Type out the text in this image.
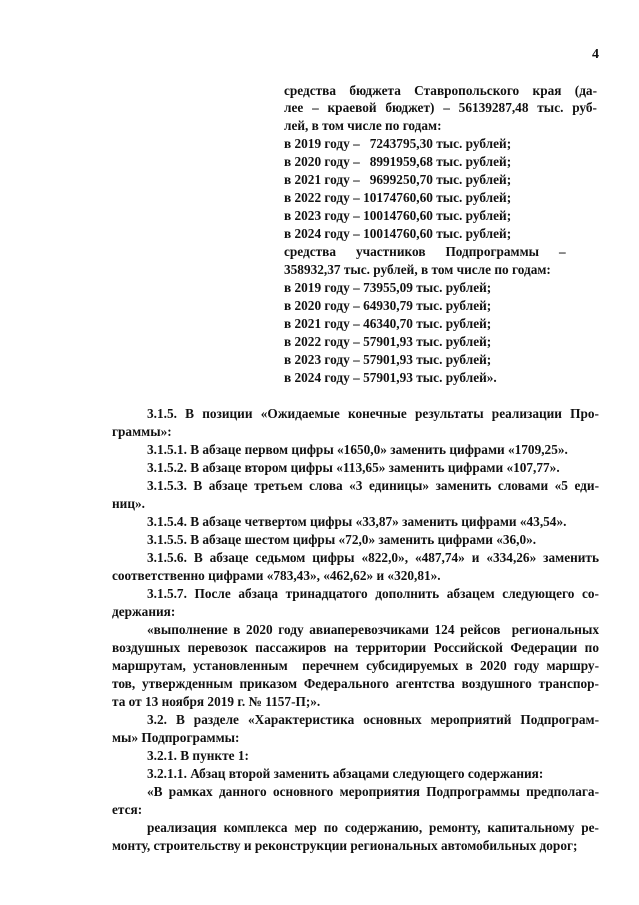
4
средства бюджета Ставропольского края (да-
лее – краевой бюджет) – 56139287,48 тыс. руб-
лей, в том числе по годам:
в 2019 году –   7243795,30 тыс. рублей;
в 2020 году –   8991959,68 тыс. рублей;
в 2021 году –   9699250,70 тыс. рублей;
в 2022 году – 10174760,60 тыс. рублей;
в 2023 году – 10014760,60 тыс. рублей;
в 2024 году – 10014760,60 тыс. рублей;
средства      участников      Подпрограммы      –
358932,37 тыс. рублей, в том числе по годам:
в 2019 году – 73955,09 тыс. рублей;
в 2020 году – 64930,79 тыс. рублей;
в 2021 году – 46340,70 тыс. рублей;
в 2022 году – 57901,93 тыс. рублей;
в 2023 году – 57901,93 тыс. рублей;
в 2024 году – 57901,93 тыс. рублей».
3.1.5. В позиции «Ожидаемые конечные результаты реализации Про-
граммы»:
3.1.5.1. В абзаце первом цифры «1650,0» заменить цифрами «1709,25».
3.1.5.2. В абзаце втором цифры «113,65» заменить цифрами «107,77».
3.1.5.3. В абзаце третьем слова «3 единицы» заменить словами «5 еди-
ниц».
3.1.5.4. В абзаце четвертом цифры «33,87» заменить цифрами «43,54».
3.1.5.5. В абзаце шестом цифры «72,0» заменить цифрами «36,0».
3.1.5.6. В абзаце седьмом цифры «822,0», «487,74» и «334,26» заменить
соответственно цифрами «783,43», «462,62» и «320,81».
3.1.5.7. После абзаца тринадцатого дополнить абзацем следующего со-
держания:
«выполнение в 2020 году авиаперевозчиками 124 рейсов  региональных
воздушных перевозок пассажиров на территории Российской Федерации по
маршрутам, установленным  перечнем субсидируемых в 2020 году маршру-
тов, утвержденным приказом Федерального агентства воздушного транспор-
та от 13 ноября 2019 г. № 1157-П;».
3.2. В разделе «Характеристика основных мероприятий Подпрограм-
мы» Подпрограммы:
3.2.1. В пункте 1:
3.2.1.1. Абзац второй заменить абзацами следующего содержания:
«В рамках данного основного мероприятия Подпрограммы предполага-
ется:
реализация комплекса мер по содержанию, ремонту, капитальному ре-
монту, строительству и реконструкции региональных автомобильных дорог;
